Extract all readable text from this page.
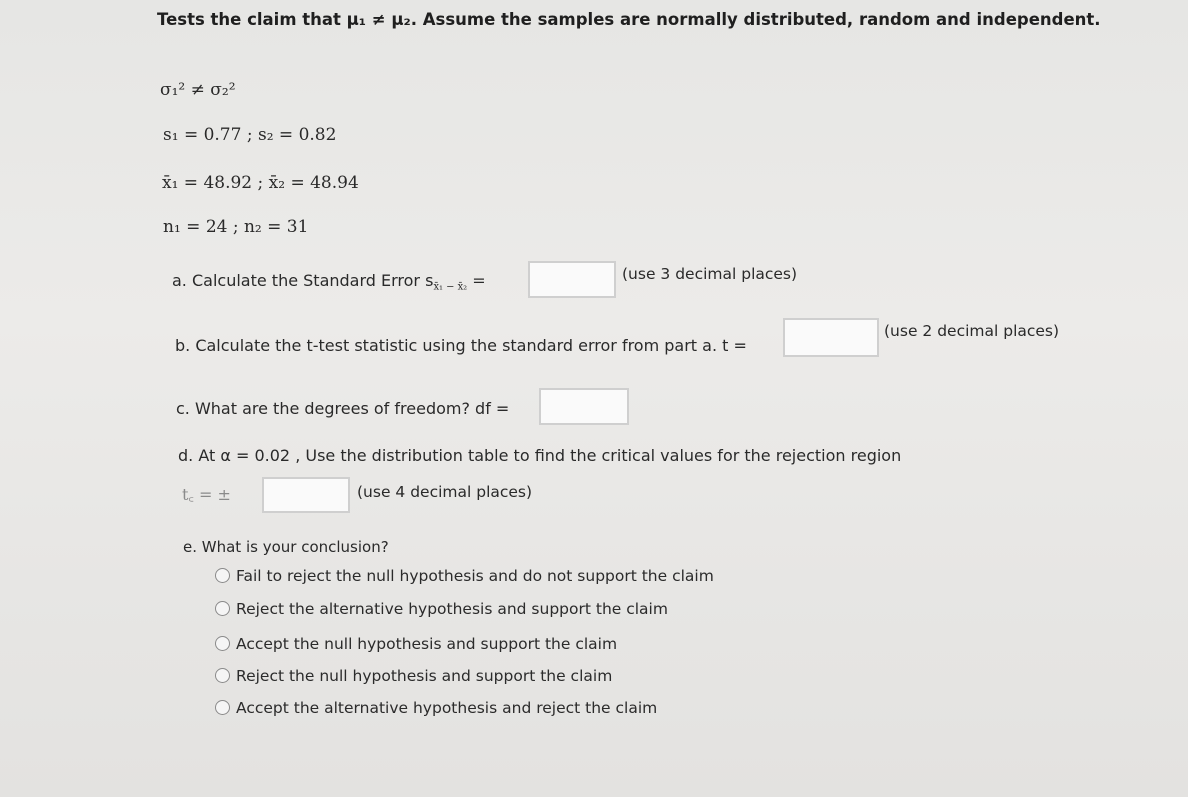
Tests the claim that μ₁ ≠ μ₂. Assume the samples are normally distributed, random and independent.
σ₁² ≠ σ₂²
s₁ = 0.77 ; s₂ = 0.82
x̄₁ = 48.92 ; x̄₂ = 48.94
n₁ = 24 ; n₂ = 31
a. Calculate the Standard Error $s_{x̄_1 - x̄_2}$ =	(use 3 decimal places)
b. Calculate the t-test statistic using the standard error from part a. t =
(use 2 decimal places)
c. What are the degrees of freedom? df =
d. At α = 0.02 , Use the distribution table to find the critical values for the rejection region
t꜀ = ±	(use 4 decimal places)
e. What is your conclusion?
Fail to reject the null hypothesis and do not support the claim
Reject the alternative hypothesis and support the claim
Accept the null hypothesis and support the claim
Reject the null hypothesis and support the claim
Accept the alternative hypothesis and reject the claim
